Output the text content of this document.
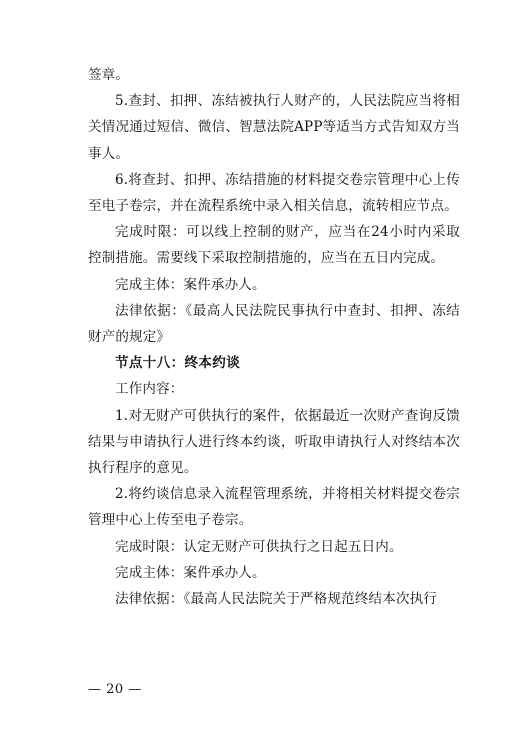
签章。

5.查封、扣押、冻结被执行人财产的，人民法院应当将相关情况通过短信、微信、智慧法院APP等适当方式告知双方当事人。

6.将查封、扣押、冻结措施的材料提交卷宗管理中心上传至电子卷宗，并在流程系统中录入相关信息，流转相应节点。

完成时限：可以线上控制的财产，应当在24小时内采取控制措施。需要线下采取控制措施的，应当在五日内完成。

完成主体：案件承办人。

法律依据：《最高人民法院民事执行中查封、扣押、冻结财产的规定》

节点十八：终本约谈

工作内容：

1.对无财产可供执行的案件，依据最近一次财产查询反馈结果与申请执行人进行终本约谈，听取申请执行人对终结本次执行程序的意见。

2.将约谈信息录入流程管理系统，并将相关材料提交卷宗管理中心上传至电子卷宗。

完成时限：认定无财产可供执行之日起五日内。

完成主体：案件承办人。

法律依据：《最高人民法院关于严格规范终结本次执行

— 20 —
